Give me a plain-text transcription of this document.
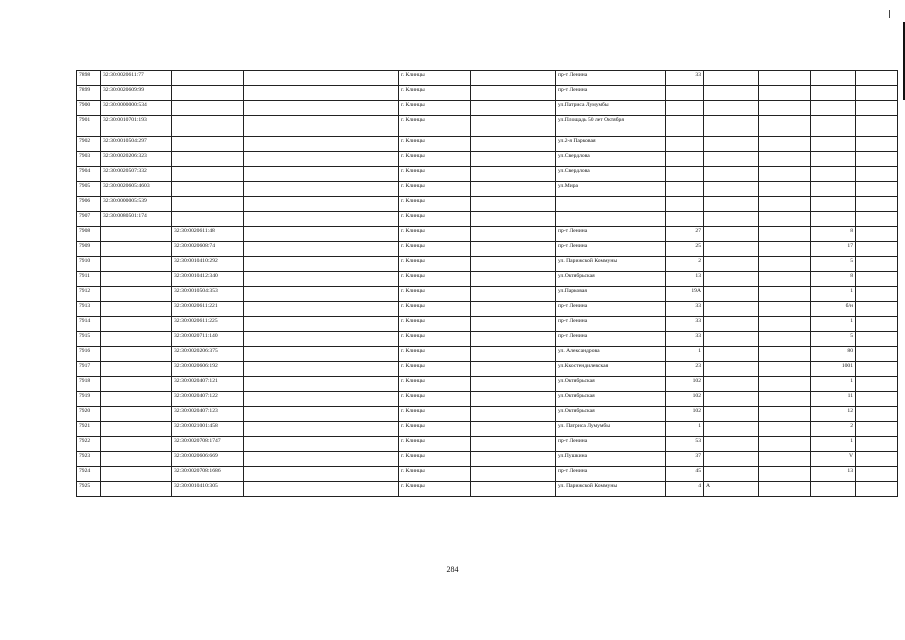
7898	32:30:0020611:77			г. Клинцы		пр-т Ленина	33				
7899	32:30:0020609:99			г. Клинцы		пр-т Ленина					
7900	32:30:0000000:534			г. Клинцы		ул.Патриса Лумумбы					
7901	32:30:0010701:193			г. Клинцы		ул.Площадь 50 лет Октября					
7902	32:30:0010504:297			г. Клинцы		ул.2-я Парковая					
7903	32:30:0020206:323			г. Клинцы		ул.Свердлова					
7904	32:30:0020507:332			г. Клинцы		ул.Свердлова					
7905	32:30:0020605:4603			г. Клинцы		ул.Мира					
7906	32:30:0000005:539			г. Клинцы							
7907	32:30:0080501:174			г. Клинцы							
7908		32:30:0020611:48		г. Клинцы		пр-т Ленина	27			8	
7909		32:30:0020608:74		г. Клинцы		пр-т Ленина	25			17	
7910		32:30:0010410:292		г. Клинцы		ул. Парижской Коммуны	2			5	
7911		32:30:0010412:340		г. Клинцы		ул.Октябрьская	13			8	
7912		32:30:0010504:353		г. Клинцы		ул.Парковая	19А			1	
7913		32:30:0020611:221		г. Клинцы		пр-т Ленина	33			б/н	
7914		32:30:0020611:225		г. Клинцы		пр-т Ленина	33			1	
7915		32:30:0020711:140		г. Клинцы		пр-т Ленина	33			5	
7916		32:30:0020206:375		г. Клинцы		ул. Александрова	1			80	
7917		32:30:0020606:192		г. Клинцы		ул.Ккостендилевская	23			1001	
7918		32:30:0020407:121		г. Клинцы		ул.Октябрьская	102			1	
7919		32:30:0020407:122		г. Клинцы		ул.Октябрьская	102			11	
7920		32:30:0020407:123		г. Клинцы		ул.Октябрьская	102			12	
7921		32:30:0021001:458		г. Клинцы		ул. Патриса Лумумбы	1			2	
7922		32:30:0020708:1747		г. Клинцы		пр-т Ленина	53			1	
7923		32:30:0020606:669		г. Клинцы		ул.Пушкина	37			V	
7924		32:30:0020708:1686		г. Клинцы		пр-т Ленина	45			13	
7925		32:30:0010410:305		г. Клинцы		ул. Парижской Коммуны	4	А			
284
